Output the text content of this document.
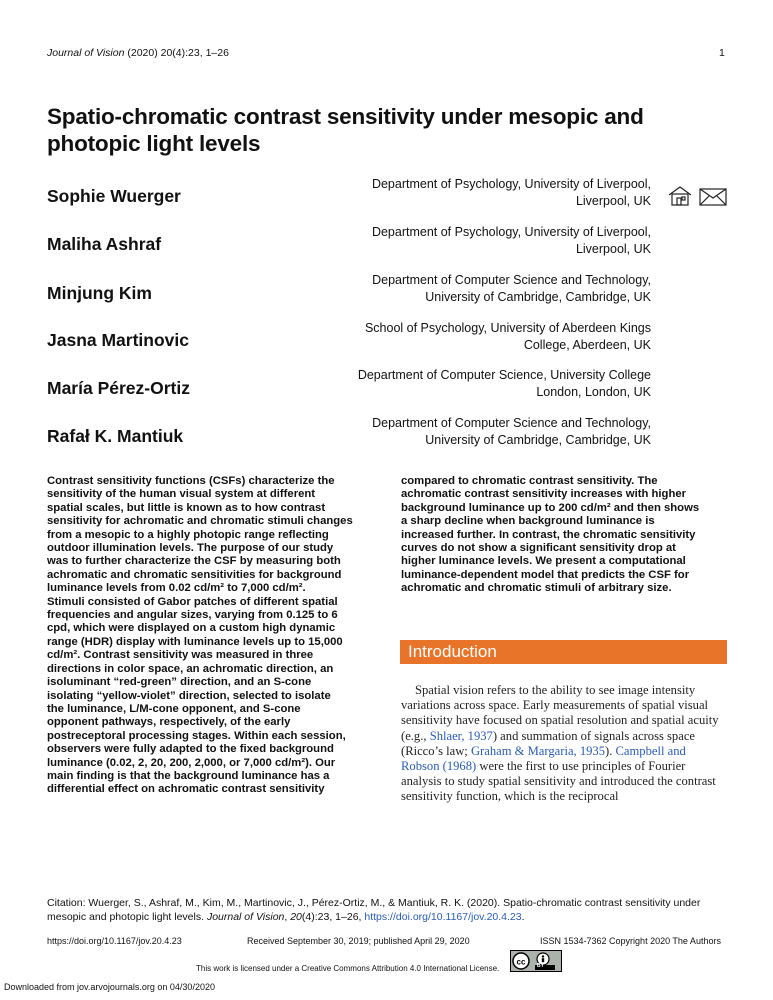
Journal of Vision (2020) 20(4):23, 1–26	1
Spatio-chromatic contrast sensitivity under mesopic and
photopic light levels
Sophie Wuerger
Department of Psychology, University of Liverpool,
Liverpool, UK
Maliha Ashraf
Department of Psychology, University of Liverpool,
Liverpool, UK
Minjung Kim
Department of Computer Science and Technology,
University of Cambridge, Cambridge, UK
Jasna Martinovic
School of Psychology, University of Aberdeen Kings
College, Aberdeen, UK
María Pérez-Ortiz
Department of Computer Science, University College
London, London, UK
Rafał K. Mantiuk
Department of Computer Science and Technology,
University of Cambridge, Cambridge, UK

Contrast sensitivity functions (CSFs) characterize the

sensitivity of the human visual system at different

spatial scales, but little is known as to how contrast

sensitivity for achromatic and chromatic stimuli changes

from a mesopic to a highly photopic range reflecting

outdoor illumination levels. The purpose of our study

was to further characterize the CSF by measuring both

achromatic and chromatic sensitivities for background

luminance levels from 0.02 cd/m² to 7,000 cd/m².

Stimuli consisted of Gabor patches of different spatial

frequencies and angular sizes, varying from 0.125 to 6

cpd, which were displayed on a custom high dynamic

range (HDR) display with luminance levels up to 15,000

cd/m². Contrast sensitivity was measured in three

directions in color space, an achromatic direction, an

isoluminant “red-green” direction, and an S-cone

isolating “yellow-violet” direction, selected to isolate

the luminance, L/M-cone opponent, and S-cone

opponent pathways, respectively, of the early

postreceptoral processing stages. Within each session,

observers were fully adapted to the fixed background

luminance (0.02, 2, 20, 200, 2,000, or 7,000 cd/m²). Our

main finding is that the background luminance has a

differential effect on achromatic contrast sensitivity

compared to chromatic contrast sensitivity. The

achromatic contrast sensitivity increases with higher

background luminance up to 200 cd/m² and then shows

a sharp decline when background luminance is

increased further. In contrast, the chromatic sensitivity

curves do not show a significant sensitivity drop at

higher luminance levels. We present a computational

luminance-dependent model that predicts the CSF for

achromatic and chromatic stimuli of arbitrary size.

Introduction
Spatial vision refers to the ability to see image intensity variations across space. Early measurements of spatial visual sensitivity have focused on spatial resolution and spatial acuity (e.g., Shlaer, 1937) and summation of signals across space (Ricco’s law; Graham & Margaria, 1935). Campbell and Robson (1968) were the first to use principles of Fourier analysis to study spatial sensitivity and introduced the contrast sensitivity function, which is the reciprocal
Citation: Wuerger, S., Ashraf, M., Kim, M., Martinovic, J., Pérez-Ortiz, M., & Mantiuk, R. K. (2020). Spatio-chromatic contrast sensitivity under mesopic and photopic light levels. Journal of Vision, 20(4):23, 1–26, https://doi.org/10.1167/jov.20.4.23.
https://doi.org/10.1167/jov.20.4.23	Received September 30, 2019; published April 29, 2020	ISSN 1534-7362 Copyright 2020 The Authors
cc BY
This work is licensed under a Creative Commons Attribution 4.0 International License.
Downloaded from jov.arvojournals.org on 04/30/2020
